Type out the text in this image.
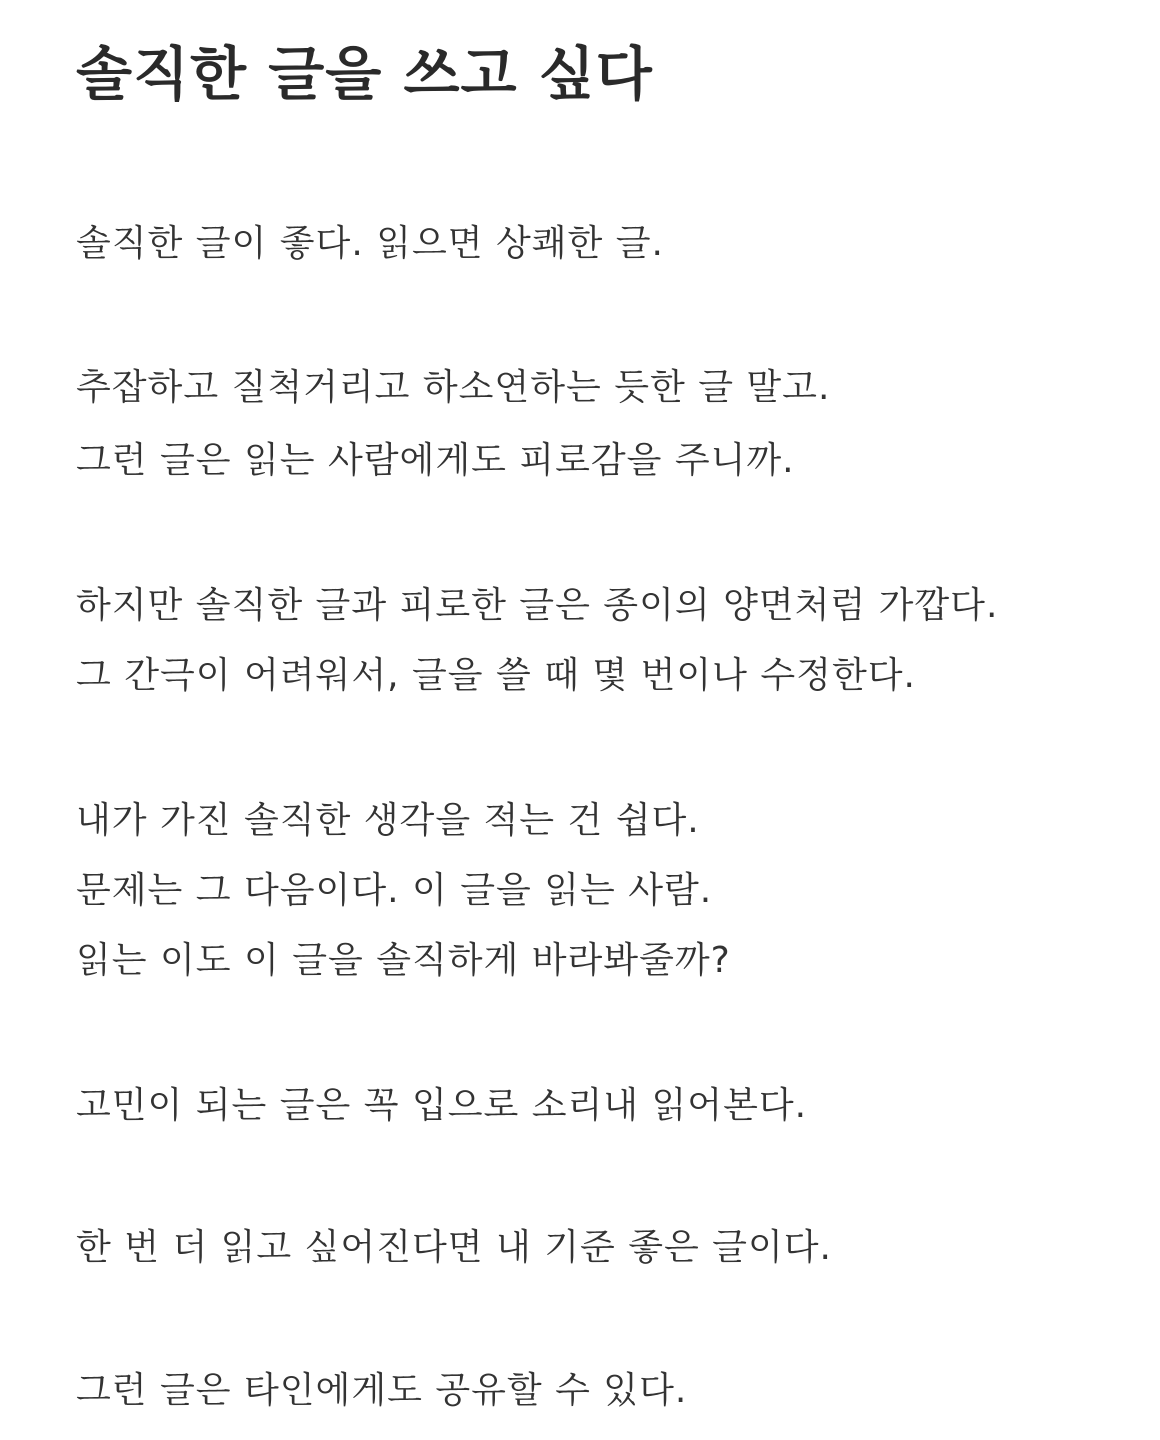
솔직한 글을 쓰고 싶다

솔직한 글이 좋다. 읽으면 상쾌한 글.

추잡하고 질척거리고 하소연하는 듯한 글 말고.

그런 글은 읽는 사람에게도 피로감을 주니까.

하지만 솔직한 글과 피로한 글은 종이의 양면처럼 가깝다.

그 간극이 어려워서, 글을 쓸 때 몇 번이나 수정한다.

내가 가진 솔직한 생각을 적는 건 쉽다.

문제는 그 다음이다. 이 글을 읽는 사람.

읽는 이도 이 글을 솔직하게 바라봐줄까?

고민이 되는 글은 꼭 입으로 소리내 읽어본다.

한 번 더 읽고 싶어진다면 내 기준 좋은 글이다.

그런 글은 타인에게도 공유할 수 있다.
